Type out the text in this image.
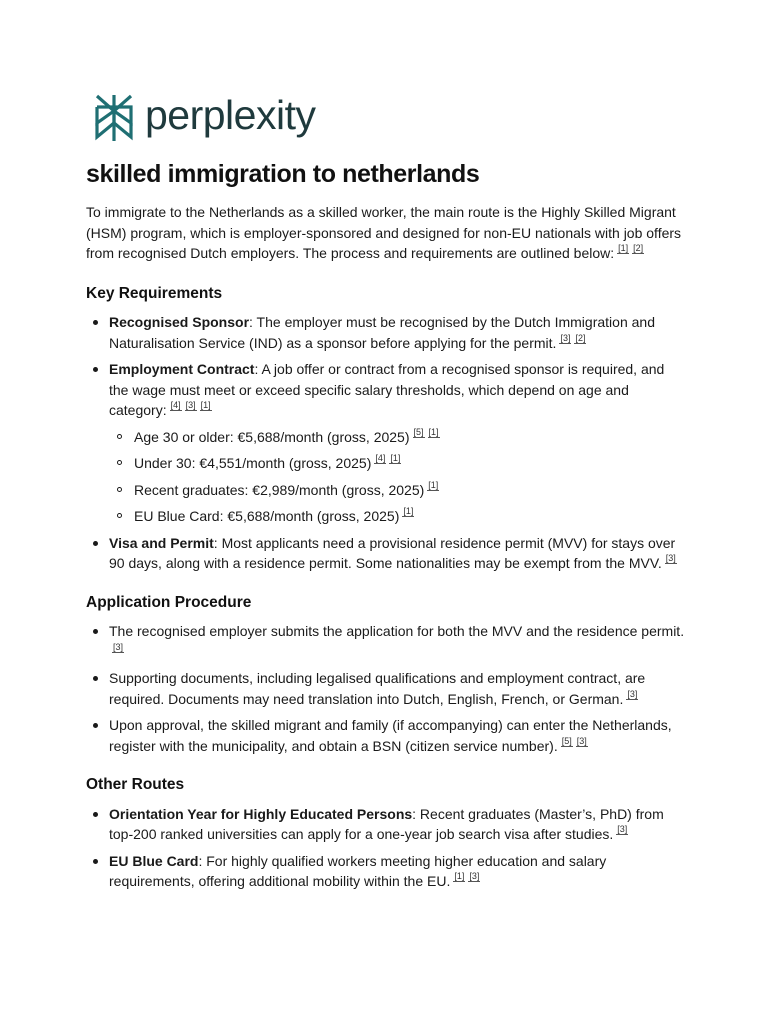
perplexity
skilled immigration to netherlands

To immigrate to the Netherlands as a skilled worker, the main route is the Highly Skilled Migrant (HSM) program, which is employer-sponsored and designed for non-EU nationals with job offers from recognised Dutch employers. The process and requirements are outlined below: [1] [2]

Key Requirements
Recognised Sponsor: The employer must be recognised by the Dutch Immigration and Naturalisation Service (IND) as a sponsor before applying for the permit. [3] [2]
Employment Contract: A job offer or contract from a recognised sponsor is required, and the wage must meet or exceed specific salary thresholds, which depend on age and category: [4] [3] [1]
Age 30 or older: €5,688/month (gross, 2025) [5] [1]
Under 30: €4,551/month (gross, 2025) [4] [1]
Recent graduates: €2,989/month (gross, 2025) [1]
EU Blue Card: €5,688/month (gross, 2025) [1]
Visa and Permit: Most applicants need a provisional residence permit (MVV) for stays over 90 days, along with a residence permit. Some nationalities may be exempt from the MVV. [3]
Application Procedure
The recognised employer submits the application for both the MVV and the residence permit.[3]
Supporting documents, including legalised qualifications and employment contract, are required. Documents may need translation into Dutch, English, French, or German. [3]
Upon approval, the skilled migrant and family (if accompanying) can enter the Netherlands, register with the municipality, and obtain a BSN (citizen service number). [5] [3]
Other Routes
Orientation Year for Highly Educated Persons: Recent graduates (Master’s, PhD) from top-200 ranked universities can apply for a one-year job search visa after studies. [3]
EU Blue Card: For highly qualified workers meeting higher education and salary requirements, offering additional mobility within the EU. [1] [3]
